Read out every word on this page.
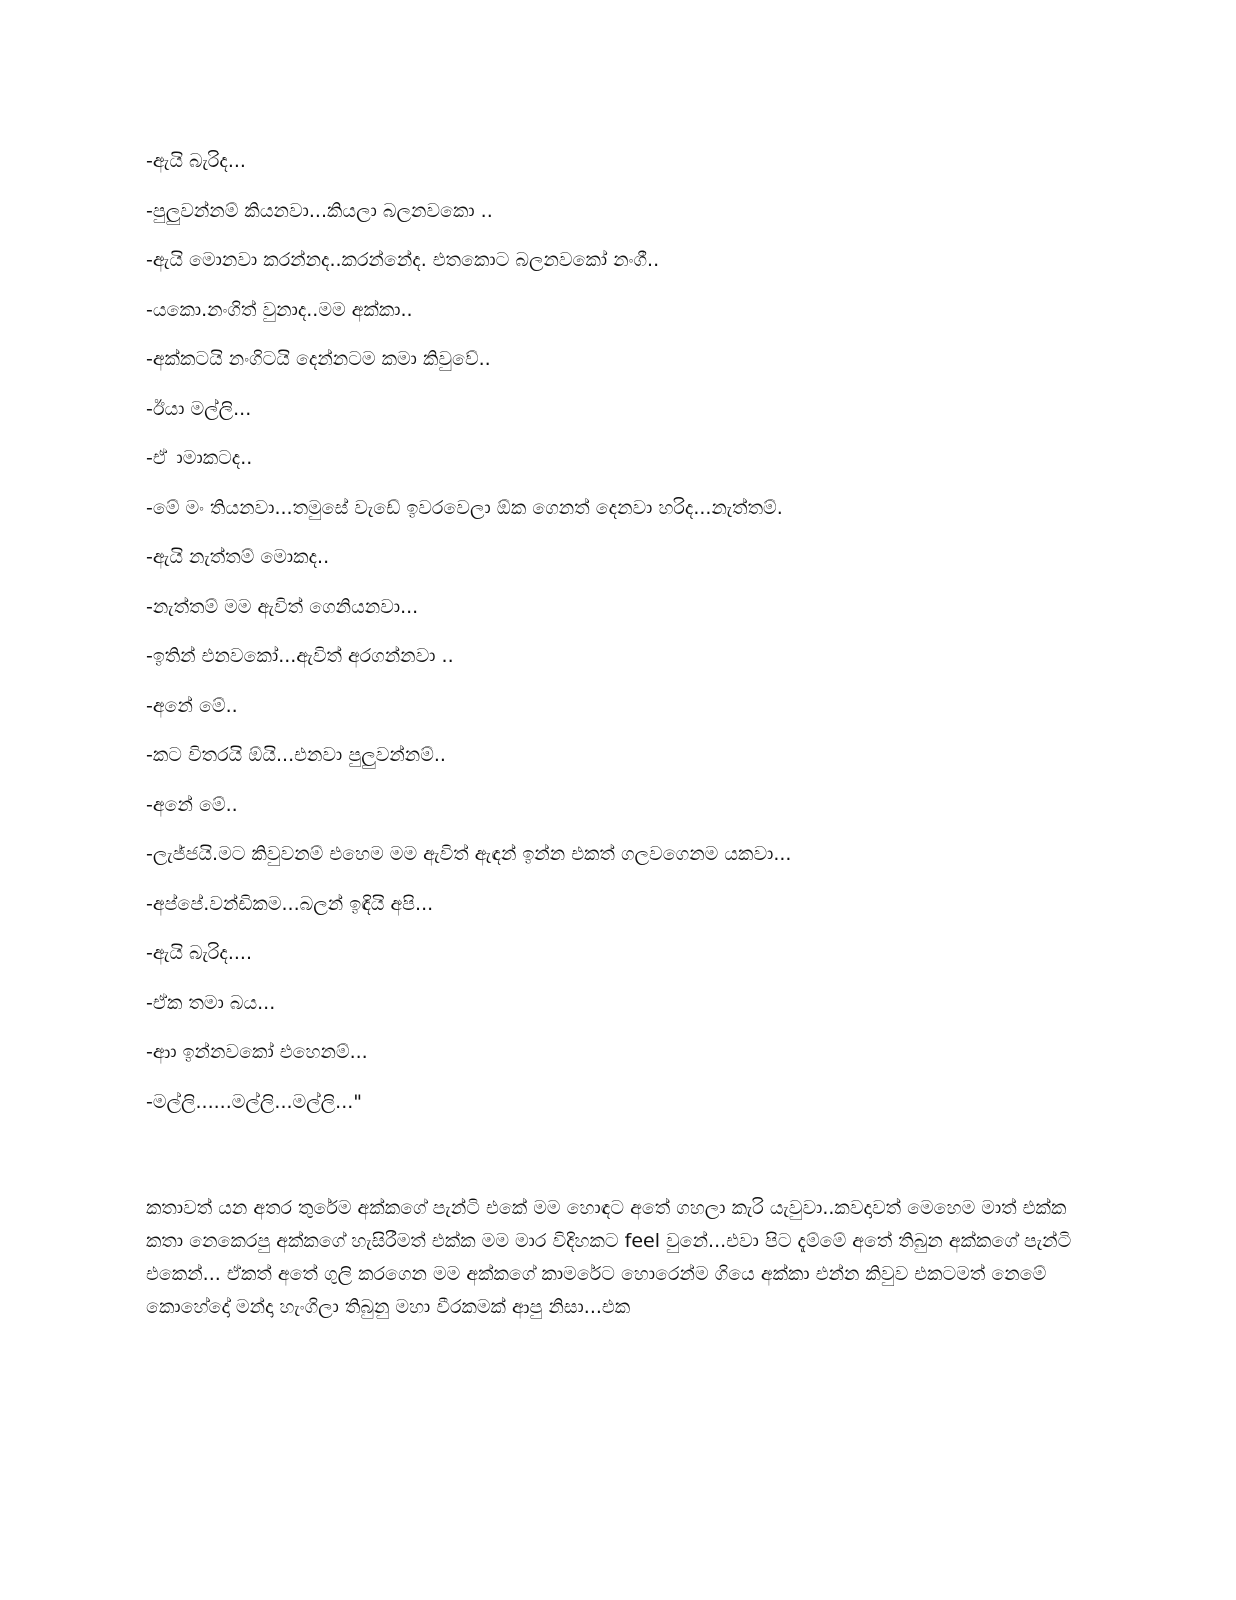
-ඇයි බැරිද...
-පුලුවන්නම් කියනවා...කියලා බලනවකො ..
-ඇයි මොනවා කරන්නද..කරන්නේද. එතකොට බලනවකෝ නංගී..
-යකො.නංගිත් වුනාද..මම අක්කා..
-අක්කටයි නංගිටයි දෙන්නටම කමා කිවුවේ..
-ඊයා මල්ලි...
-ඒ ාමාකටද..
-මේ මං තියනවා...තමුසේ වැඩේ ඉවරවෙලා ඕක ගෙනත් දෙනවා හරිද...නැත්තම්.
-ඇයි නැත්තම් මොකද..
-නැත්තම් මම ඇවිත් ගෙනියනවා...
-ඉතින් එනවකෝ...ඇවිත් අරගන්නවා ..
-අනේ මේ..
-කට විතරයි ඕයි...එනවා පුලුවන්නම්..
-අනේ මේ..
-ලැජ්ජයි.මට කිවුවනම් එහෙම මම ඇවිත් ඇඳන් ඉන්න එකත් ගලවගෙනම යකවා...
-අප්පේ.වන්ඩිකම...බලන් ඉඳියි අපි...
-ඇයි බැරිද....
-ඒක තමා බය...
-ආා ඉන්නවකෝ එහෙනම්...
-මල්ලි......මල්ලි...මල්ලි..."

කතාවත් යන අතර තුරේම අක්කගේ පැන්ටි එකේ මම හොඳට අතේ ගහලා කැරි යැවුවා..කවදාවත් මෙහෙම මාත් එක්ක කතා නෙකෙරපු අක්කගේ හැසිරීමත් එක්ක මම මාර විදිහකට feel වුනේ...එවා පිට දැම්මේ අතේ තිබුන අක්කගේ පැන්ටි එකෙන්... ඒකත් අතේ ගුලි කරගෙන මම අක්කගේ කාමරේට හොරෙන්ම ගියෙ අක්කා එන්න කිවුව එකටමත් නෙමේ කොහේදෝ මන්දා හැංගිලා තිබුනු මහා වීරකමක් ආපු නිසා...එක
